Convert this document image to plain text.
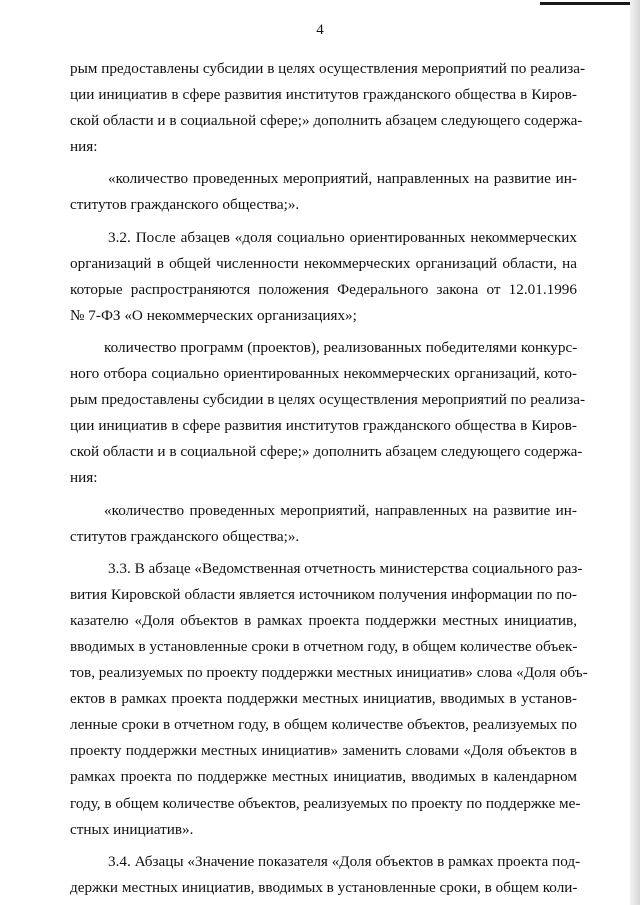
4
рым предоставлены субсидии в целях осуществления мероприятий по реализа-
ции инициатив в сфере развития институтов гражданского общества в Киров-
ской области и в социальной сфере;» дополнить абзацем следующего содержа-
ния:
«количество проведенных мероприятий, направленных на развитие ин-
ститутов гражданского общества;».
3.2. После абзацев «доля социально ориентированных некоммерческих
организаций в общей численности некоммерческих организаций области, на
которые распространяются положения Федерального закона от 12.01.1996
№ 7-ФЗ «О некоммерческих организациях»;
количество программ (проектов), реализованных победителями конкурс-
ного отбора социально ориентированных некоммерческих организаций, кото-
рым предоставлены субсидии в целях осуществления мероприятий по реализа-
ции инициатив в сфере развития институтов гражданского общества в Киров-
ской области и в социальной сфере;» дополнить абзацем следующего содержа-
ния:
«количество проведенных мероприятий, направленных на развитие ин-
ститутов гражданского общества;».
3.3. В абзаце «Ведомственная отчетность министерства социального раз-
вития Кировской области является источником получения информации по по-
казателю «Доля объектов в рамках проекта поддержки местных инициатив,
вводимых в установленные сроки в отчетном году, в общем количестве объек-
тов, реализуемых по проекту поддержки местных инициатив» слова «Доля объ-
ектов в рамках проекта поддержки местных инициатив, вводимых в установ-
ленные сроки в отчетном году, в общем количестве объектов, реализуемых по
проекту поддержки местных инициатив» заменить словами «Доля объектов в
рамках проекта по поддержке местных инициатив, вводимых в календарном
году, в общем количестве объектов, реализуемых по проекту по поддержке ме-
стных инициатив».
3.4. Абзацы «Значение показателя «Доля объектов в рамках проекта под-
держки местных инициатив, вводимых в установленные сроки, в общем коли-
